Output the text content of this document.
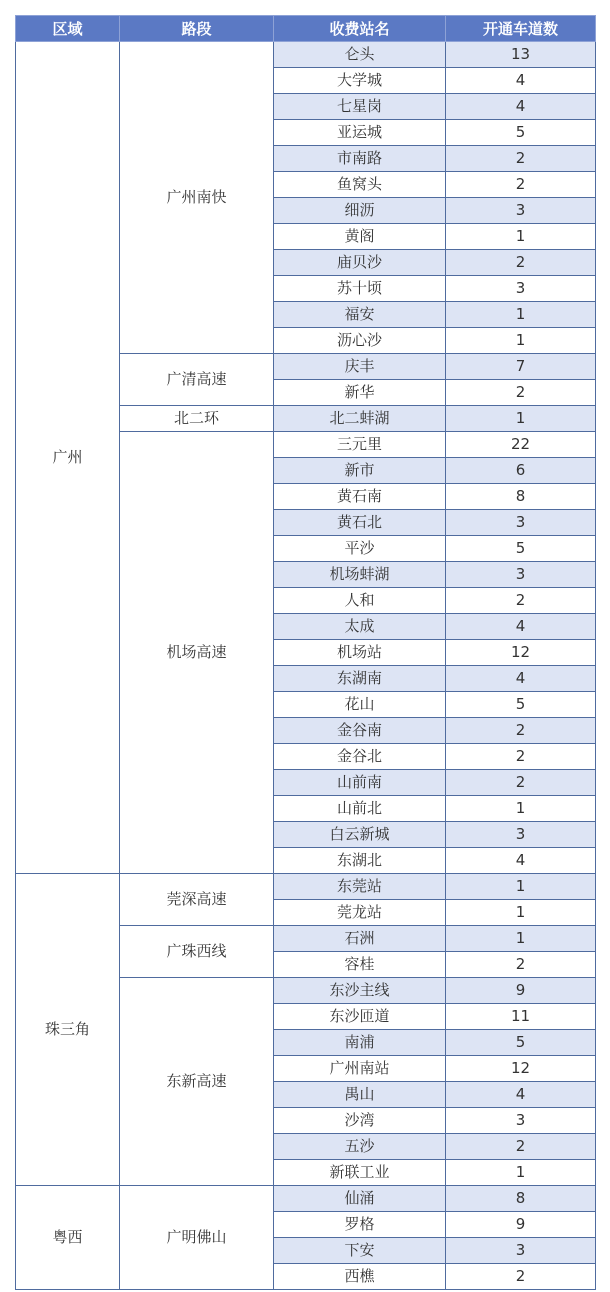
区域	路段	收费站名	开通车道数
广州	广州南快	仑头	13
		大学城	4
		七星岗	4
		亚运城	5
		市南路	2
		鱼窝头	2
		细沥	3
		黄阁	1
		庙贝沙	2
		苏十顷	3
		福安	1
		沥心沙	1
	广清高速	庆丰	7
		新华	2
	北二环	北二蚌湖	1
	机场高速	三元里	22
		新市	6
		黄石南	8
		黄石北	3
		平沙	5
		机场蚌湖	3
		人和	2
		太成	4
		机场站	12
		东湖南	4
		花山	5
		金谷南	2
		金谷北	2
		山前南	2
		山前北	1
		白云新城	3
		东湖北	4
珠三角	莞深高速	东莞站	1
		莞龙站	1
	广珠西线	石洲	1
		容桂	2
	东新高速	东沙主线	9
		东沙匝道	11
		南浦	5
		广州南站	12
		禺山	4
		沙湾	3
		五沙	2
		新联工业	1
粤西	广明佛山	仙涌	8
		罗格	9
		下安	3
		西樵	2
